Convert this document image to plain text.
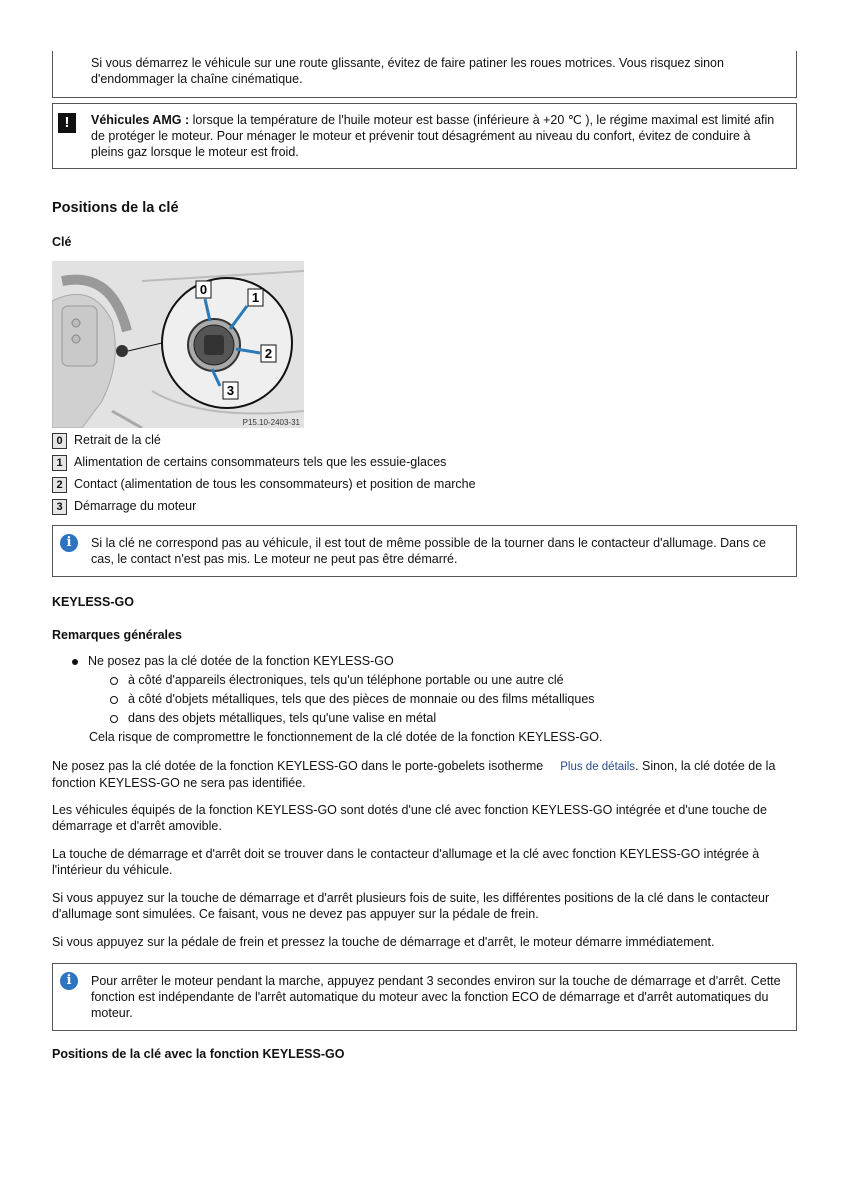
Si vous démarrez le véhicule sur une route glissante, évitez de faire patiner les roues motrices. Vous risquez sinon d'endommager la chaîne cinématique.
!	Véhicules AMG : lorsque la température de l'huile moteur est basse (inférieure à +20 ℃ ), le régime maximal est limité afin de protéger le moteur. Pour ménager le moteur et prévenir tout désagrément au niveau du confort, évitez de conduire à pleins gaz lorsque le moteur est froid.
Positions de la clé
Clé
0
1
2
3
P15.10-2403-31
0 Retrait de la clé
1 Alimentation de certains consommateurs tels que les essuie-glaces
2 Contact (alimentation de tous les consommateurs) et position de marche
3 Démarrage du moteur
i	Si la clé ne correspond pas au véhicule, il est tout de même possible de la tourner dans le contacteur d'allumage. Dans ce cas, le contact n'est pas mis. Le moteur ne peut pas être démarré.
KEYLESS-GO
Remarques générales
Ne posez pas la clé dotée de la fonction KEYLESS-GO
à côté d'appareils électroniques, tels qu'un téléphone portable ou une autre clé
à côté d'objets métalliques, tels que des pièces de monnaie ou des films métalliques
dans des objets métalliques, tels qu'une valise en métal
Cela risque de compromettre le fonctionnement de la clé dotée de la fonction KEYLESS-GO.
Ne posez pas la clé dotée de la fonction KEYLESS-GO dans le porte-gobelets isotherme Plus de détails. Sinon, la clé dotée de la
fonction KEYLESS-GO ne sera pas identifiée.
Les véhicules équipés de la fonction KEYLESS-GO sont dotés d'une clé avec fonction KEYLESS-GO intégrée et d'une touche de démarrage et d'arrêt amovible.
La touche de démarrage et d'arrêt doit se trouver dans le contacteur d'allumage et la clé avec fonction KEYLESS-GO intégrée à l'intérieur du véhicule.
Si vous appuyez sur la touche de démarrage et d'arrêt plusieurs fois de suite, les différentes positions de la clé dans le contacteur d'allumage sont simulées. Ce faisant, vous ne devez pas appuyer sur la pédale de frein.
Si vous appuyez sur la pédale de frein et pressez la touche de démarrage et d'arrêt, le moteur démarre immédiatement.
i	Pour arrêter le moteur pendant la marche, appuyez pendant 3 secondes environ sur la touche de démarrage et d'arrêt. Cette fonction est indépendante de l'arrêt automatique du moteur avec la fonction ECO de démarrage et d'arrêt automatiques du moteur.
Positions de la clé avec la fonction KEYLESS-GO
